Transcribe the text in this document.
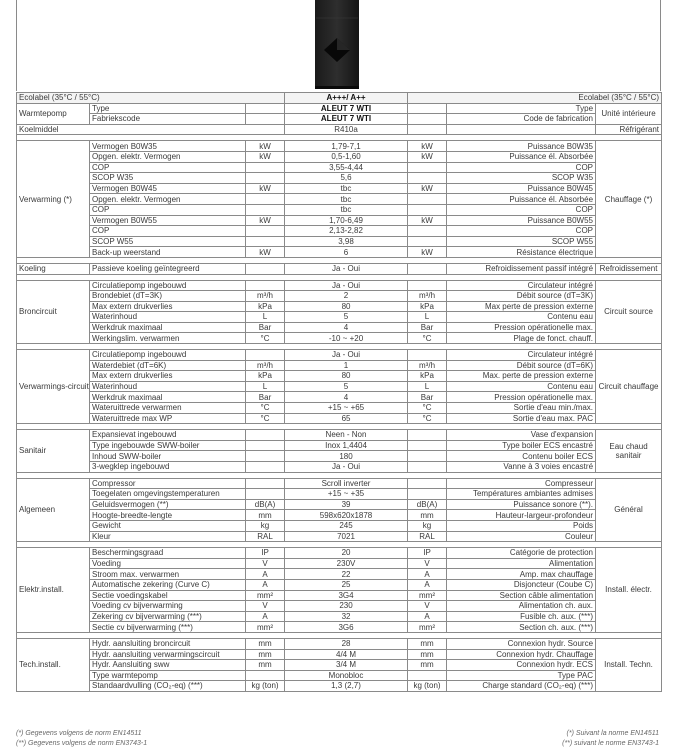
Ecolabel (35°C / 55°C)			A+++/ A++	Ecolabel (35°C / 55°C)		
Warmtepomp	Type		ALEUT 7 WTI		Type	Unité intérieure
	Fabriekscode		ALEUT 7 WTI		Code de fabrication	
Koelmiddel			R410a			Réfrigérant

Verwarming (*)	Vermogen B0W35	kW	1,79-7,1	kW	Puissance B0W35	Chauffage (*)
	Opgen. elektr. Vermogen	kW	0,5-1,60	kW	Puissance él. Absorbée	
	COP		3,55-4,44		COP	
	SCOP W35		5,6		SCOP W35	
	Vermogen B0W45	kW	tbc	kW	Puissance B0W45	
	Opgen. elektr. Vermogen		tbc		Puissance él. Absorbée	
	COP		tbc		COP	
	Vermogen B0W55	kW	1,70-6,49	kW	Puissance B0W55	
	COP		2,13-2,82		COP	
	SCOP W55		3,98		SCOP W55	
	Back-up weerstand	kW	6	kW	Résistance électrique	

Koeling	Passieve koeling geïntegreerd		Ja - Oui		Refroidissement passif intégré	Refroidissement

Broncircuit	Circulatiepomp ingebouwd		Ja - Oui		Circulateur intégré	Circuit source
	Brondebiet (dT=3K)	m³/h	2	m³/h	Débit source (dT=3K)	
	Max extern drukverlies	kPa	80	kPa	Max perte de pression externe	
	Waterinhoud	L	5	L	Contenu eau	
	Werkdruk maximaal	Bar	4	Bar	Pression opérationelle max.	
	Werkingslim. verwarmen	°C	-10 ~ +20	°C	Plage de fonct. chauff.	

Verwarmings-circuit	Circulatiepomp ingebouwd		Ja - Oui		Circulateur intégré	Circuit chauffage
	Waterdebiet (dT=6K)	m³/h	1	m³/h	Débit source (dT=6K)	
	Max extern drukverlies	kPa	80	kPa	Max. perte de pression externe	
	Waterinhoud	L	5	L	Contenu eau	
	Werkdruk maximaal	Bar	4	Bar	Pression opérationelle max.	
	Wateruittrede verwarmen	°C	+15 ~ +65	°C	Sortie d'eau min./max.	
	Wateruittrede max WP	°C	65	°C	Sortie d'eau max. PAC	

Sanitair	Expansievat ingebouwd		Neen - Non		Vase d'expansion	Eau chaud sanitair
	Type ingebouwde SWW-boiler		Inox 1,4404		Type boiler ECS encastré	
	Inhoud SWW-boiler		180		Contenu boiler ECS	
	3-wegklep ingebouwd		Ja - Oui		Vanne à 3 voies encastré	

Algemeen	Compressor		Scroll inverter		Compresseur	Général
	Toegelaten omgevingstemperaturen		+15 ~ +35		Températures ambiantes admises	
	Geluidsvermogen (**)	dB(A)	39	dB(A)	Puissance sonore (**).	
	Hoogte-breedte-lengte	mm	598x620x1878	mm	Hauteur-largeur-profondeur	
	Gewicht	kg	245	kg	Poids	
	Kleur	RAL	7021	RAL	Couleur	

Elektr.install.	Beschermingsgraad	IP	20	IP	Catégorie de protection	Install. électr.
	Voeding	V	230V	V	Alimentation	
	Stroom max. verwarmen	A	22	A	Amp. max chauffage	
	Automatische zekering (Curve C)	A	25	A	Disjoncteur (Coube C)	
	Sectie voedingskabel	mm²	3G4	mm²	Section câble alimentation	
	Voeding cv bijverwarming	V	230	V	Alimentation ch. aux.	
	Zekering cv bijverwarming (***)	A	32	A	Fusible ch. aux. (***)	
	Sectie cv bijverwarming (***)	mm²	3G6	mm²	Section ch. aux. (***)	

Tech.install.	Hydr. aansluiting broncircuit	mm	28	mm	Connexion hydr. Source	Install. Techn.
	Hydr. aansluiting verwarmingscircuit	mm	4/4 M	mm	Connexion hydr. Chauffage	
	Hydr. Aansluiting sww	mm	3/4 M	mm	Connexion hydr. ECS	
	Type warmtepomp		Monobloc		Type PAC	
	Standaardvulling (CO₂-eq) (***)	kg (ton)	1,3 (2,7)	kg (ton)	Charge standard (CO₂-eq) (***)	
(*) Gegevens volgens de norm EN14511
(**) Gegevens volgens de norm EN3743-1
(*) Suivant la norme EN14511
(**) suivant le norme EN3743-1
